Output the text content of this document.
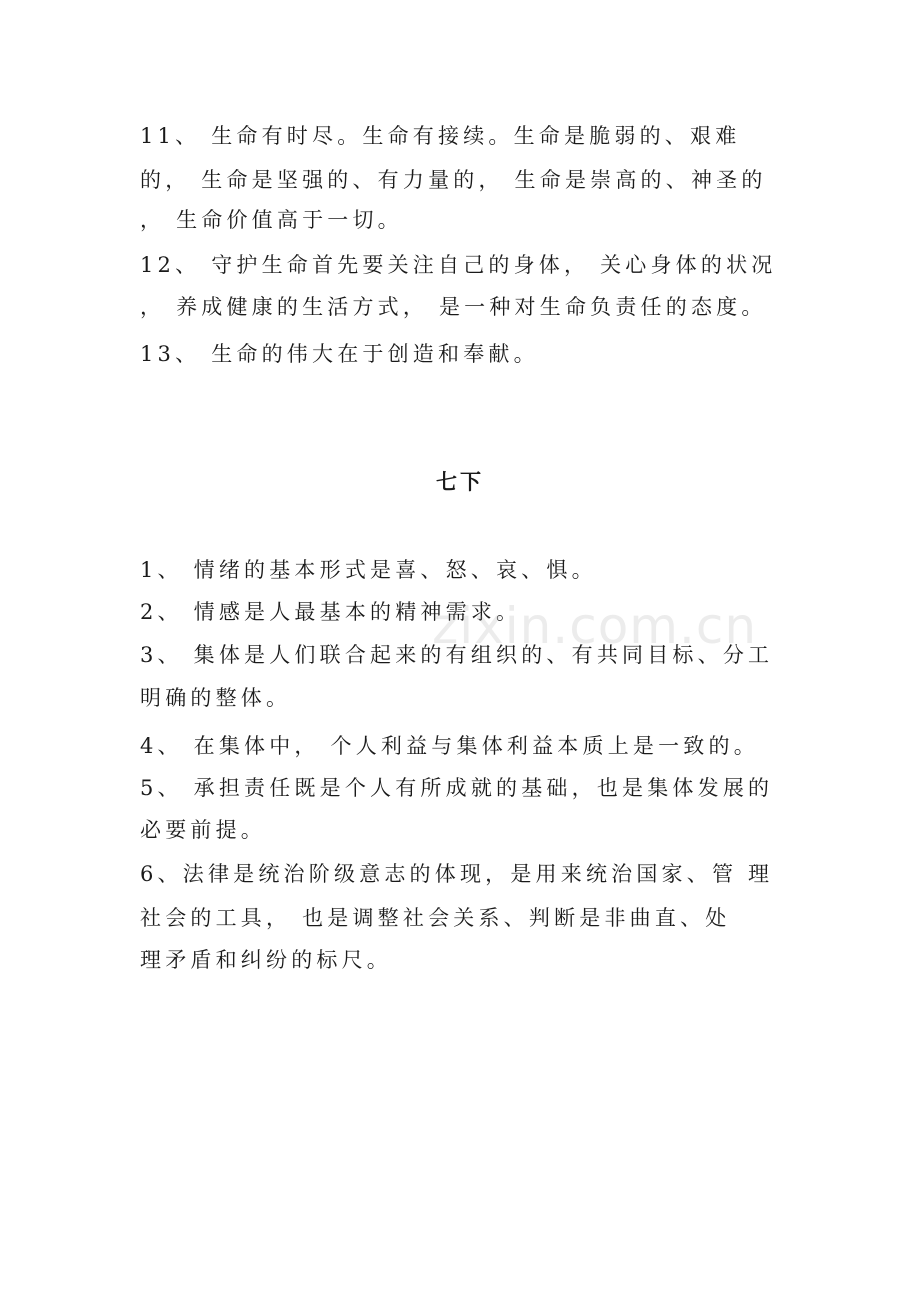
11、 生命有时尽。生命有接续。生命是脆弱的、艰难
的， 生命是坚强的、有力量的， 生命是崇高的、神圣的
， 生命价值高于一切。
12、 守护生命首先要关注自己的身体， 关心身体的状况
， 养成健康的生活方式， 是一种对生命负责任的态度。
13、 生命的伟大在于创造和奉献。
七下
1、 情绪的基本形式是喜、怒、哀、惧。
2、 情感是人最基本的精神需求。
3、 集体是人们联合起来的有组织的、有共同目标、分工
明确的整体。
4、 在集体中， 个人利益与集体利益本质上是一致的。
5、 承担责任既是个人有所成就的基础，也是集体发展的
必要前提。
6、法律是统治阶级意志的体现，是用来统治国家、管 理
社会的工具， 也是调整社会关系、判断是非曲直、处
理矛盾和纠纷的标尺。
zixin.com.cn
